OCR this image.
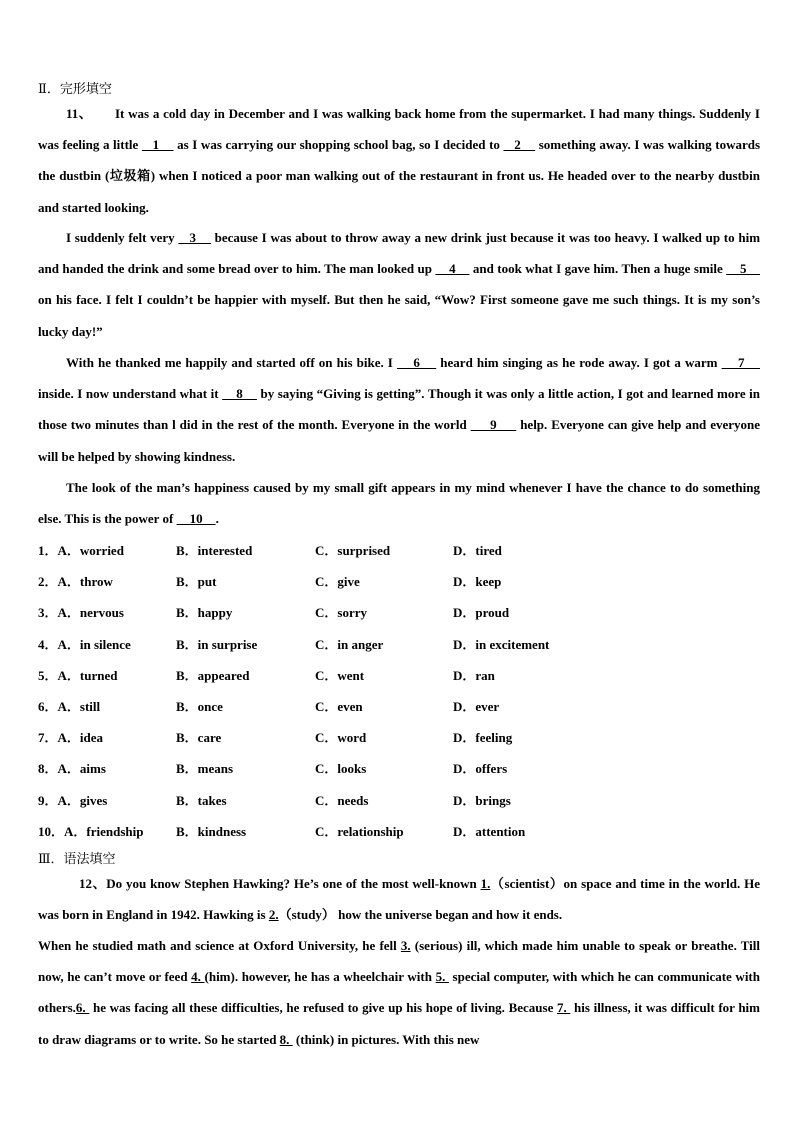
Ⅱ．完形填空

11、 It was a cold day in December and I was walking back home from the supermarket. I had many things. Suddenly I was feeling a little    1     as I was carrying our shopping school bag, so I decided to    2     something away. I was walking towards the dustbin (垃圾箱) when I noticed a poor man walking out of the restaurant in front us. He headed over to the nearby dustbin and started looking.

I suddenly felt very    3     because I was about to throw away a new drink just because it was too heavy. I walked up to him and handed the drink and some bread over to him. The man looked up     4     and took what I gave him. Then a huge smile     5     on his face. I felt I couldn’t be happier with myself. But then he said, “Wow? First someone gave me such things. It is my son’s lucky day!”

With he thanked me happily and started off on his bike. I     6     heard him singing as he rode away. I got a warm     7     inside. I now understand what it     8     by saying “Giving is getting”. Though it was only a little action, I got and learned more in those two minutes than l did in the rest of the month. Everyone in the world      9      help. Everyone can give help and everyone will be helped by showing kindness.

The look of the man’s happiness caused by my small gift appears in my mind whenever I have the chance to do something else. This is the power of     10    .

1．A．worried	B．interested	C．surprised	D．tired
2．A．throw	B．put	C．give	D．keep
3．A．nervous	B．happy	C．sorry	D．proud
4．A．in silence	B．in surprise	C．in anger	D．in excitement
5．A．turned	B．appeared	C．went	D．ran
6．A．still	B．once	C．even	D．ever
7．A．idea	B．care	C．word	D．feeling
8．A．aims	B．means	C．looks	D．offers
9．A．gives	B．takes	C．needs	D．brings
10．A．friendship	B．kindness	C．relationship	D．attention
Ⅲ．语法填空

12、Do you know Stephen Hawking? He’s one of the most well-known 1.（scientist）on space and time in the world. He was born in England in 1942. Hawking is 2.（study） how the universe began and how it ends.

When he studied math and science at Oxford University, he fell 3. (serious) ill, which made him unable to speak or breathe. Till now, he can’t move or feed 4. (him). however, he has a wheelchair with 5.  special computer, with which he can communicate with others.6.  he was facing all these difficulties, he refused to give up his hope of living. Because 7.  his illness, it was difficult for him to draw diagrams or to write. So he started 8.  (think) in pictures. With this new
